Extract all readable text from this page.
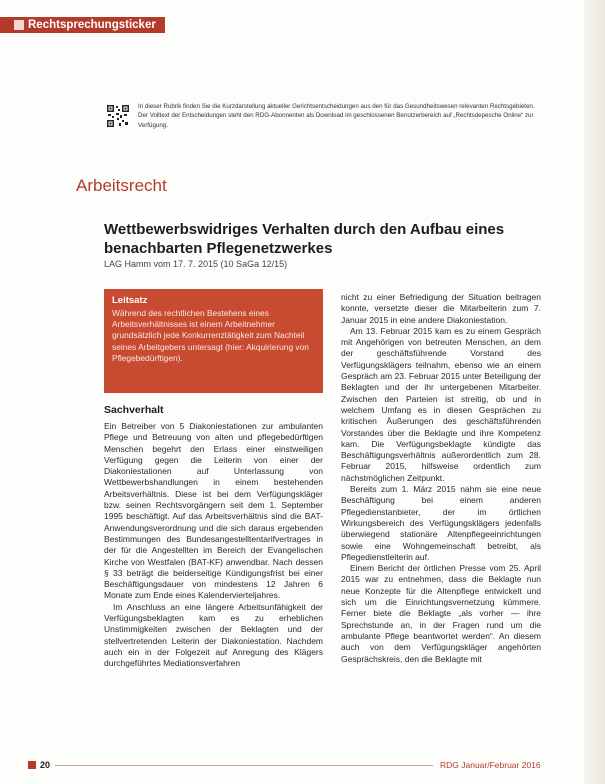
Rechtsprechungsticker
In dieser Rubrik finden Sie die Kurzdarstellung aktueller Gerichtsentscheidungen aus den für das Gesundheitswesen relevanten Rechtsgebieten. Der Volltext der Entscheidungen steht den RDG-Abonnenten als Download im geschlossenen Benutzerbereich auf „Rechtsdepesche Online“ zur Verfügung.
Arbeitsrecht
Wettbewerbswidriges Verhalten durch den Aufbau eines benachbarten Pflegenetzwerkes
LAG Hamm vom 17. 7. 2015 (10 SaGa 12/15)
Leitsatz
Während des rechtlichen Bestehens eines Arbeitsverhältnisses ist einem Arbeitnehmer grundsätzlich jede Konkurrenztätigkeit zum Nachteil seines Arbeitgebers untersagt (hier: Akquirierung von Pflegebedürftigen).
Sachverhalt

Ein Betreiber von 5 Diakoniestationen zur ambulanten Pflege und Betreuung von alten und pflegebedürftigen Menschen begehrt den Erlass einer einstweiligen Verfügung gegen die Leiterin von einer der Diakoniestationen auf Unterlassung von Wettbewerbshandlungen in einem bestehenden Arbeitsverhältnis. Diese ist bei dem Verfügungskläger bzw. seinen Rechtsvorgängern seit dem 1. September 1995 beschäftigt. Auf das Arbeitsverhältnis sind die BAT-Anwendungsverordnung und die sich daraus ergebenden Bestimmungen des Bundesangestelltentarifvertrages in der für die Angestellten im Bereich der Evangelischen Kirche von Westfalen (BAT-KF) anwendbar. Nach dessen § 33 beträgt die beiderseitige Kündigungsfrist bei einer Beschäftigungsdauer von mindestens 12 Jahren 6 Monate zum Ende eines Kalendervierteljahres.

Im Anschluss an eine längere Arbeitsunfähigkeit der Verfügungsbeklagten kam es zu erheblichen Unstimmigkeiten zwischen der Beklagten und der stellvertretenden Leiterin der Diakoniestation. Nachdem auch ein in der Folgezeit auf Anregung des Klägers durchgeführtes Mediationsverfahren

nicht zu einer Befriedigung der Situation beitragen konnte, versetzte dieser die Mitarbeiterin zum 7. Januar 2015 in eine andere Diakoniestation.

Am 13. Februar 2015 kam es zu einem Gespräch mit Angehörigen von betreuten Menschen, an dem der geschäftsführende Vorstand des Verfügungsklägers teilnahm, ebenso wie an einem Gespräch am 23. Februar 2015 unter Beteiligung der Beklagten und der ihr untergebenen Mitarbeiter. Zwischen den Parteien ist streitig, ob und in welchem Umfang es in diesen Gesprächen zu kritischen Äußerungen des geschäftsführenden Vorstandes über die Beklagte und ihre Kompetenz kam. Die Verfügungsbeklagte kündigte das Beschäftigungsverhältnis außerordentlich zum 28. Februar 2015, hilfsweise ordentlich zum nächstmöglichen Zeitpunkt.

Bereits zum 1. März 2015 nahm sie eine neue Beschäftigung bei einem anderen Pflegedienstanbieter, der im örtlichen Wirkungsbereich des Verfügungsklägers jedenfalls überwiegend stationäre Altenpflegeeinrichtungen sowie eine Wohngemeinschaft betreibt, als Pflegedienstleiterin auf.

Einem Bericht der örtlichen Presse vom 25. April 2015 war zu entnehmen, dass die Beklagte nun neue Konzepte für die Altenpflege entwickelt und sich um die Einrichtungsvernetzung kümmere. Ferner biete die Beklagte „als vorher — ihre Sprechstunde an, in der Fragen rund um die ambulante Pflege beantwortet werden“. An diesem auch von dem Verfügungskläger angehörten Gesprächskreis, den die Beklagte mit

20	RDG Januar/Februar 2016
